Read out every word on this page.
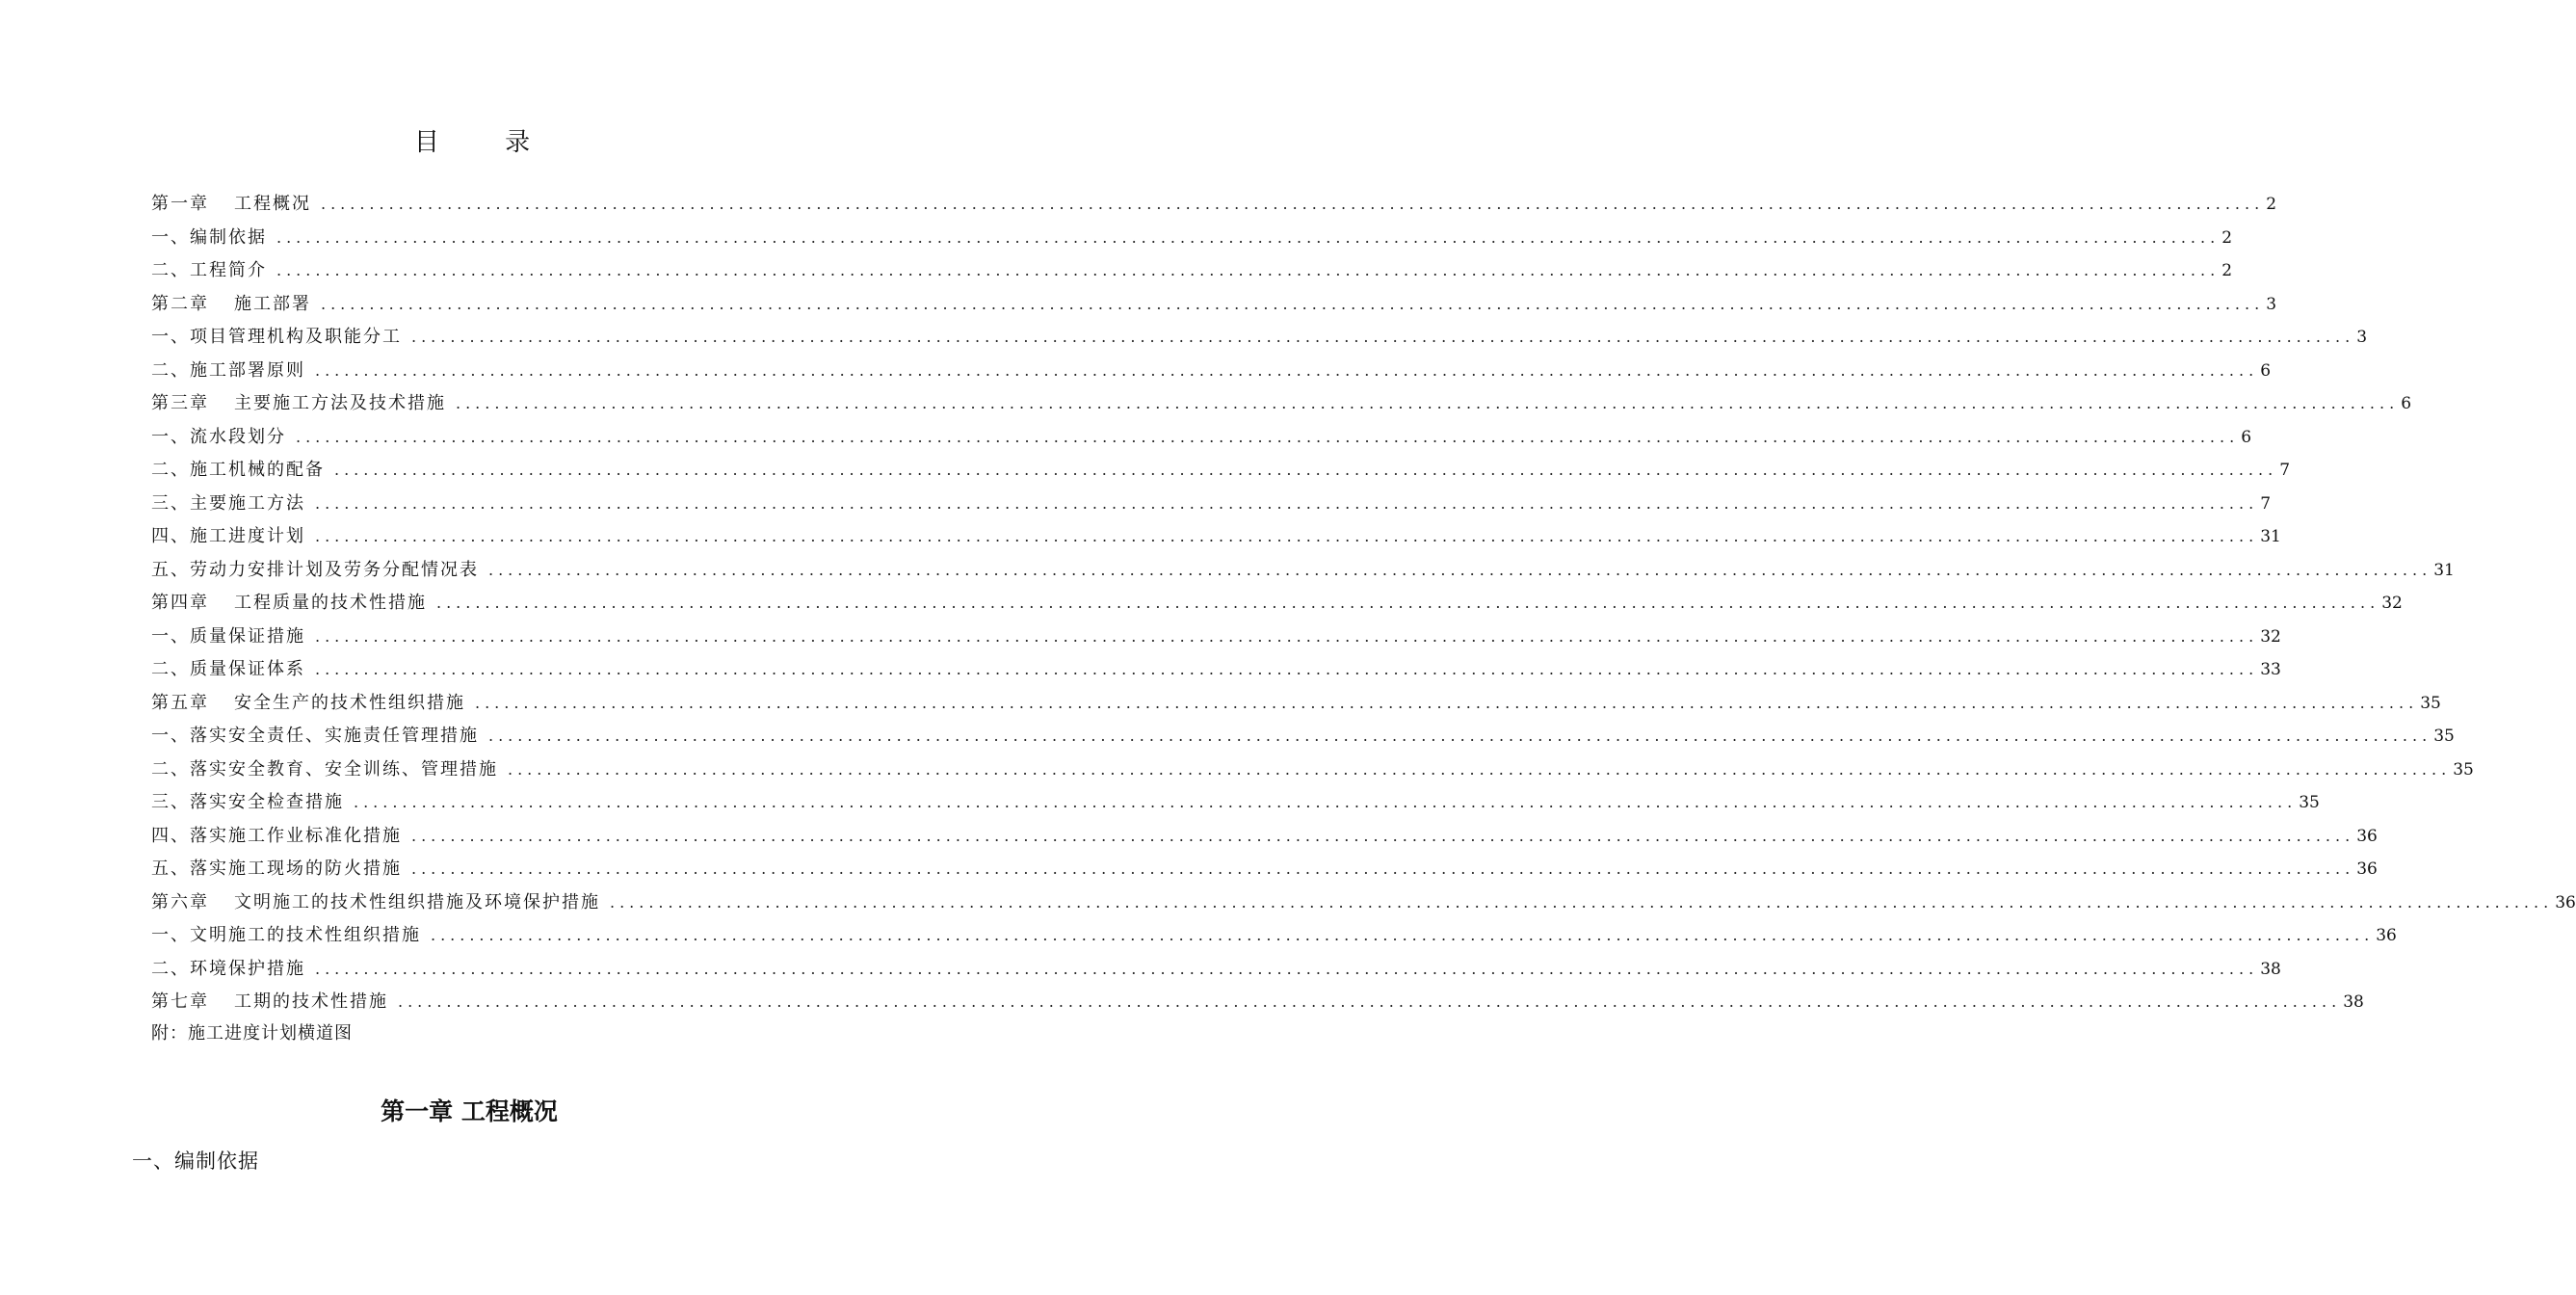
目 录
第一章 工程概况 ........................................................................................................................................................................................................ 2
一、编制依据 ........................................................................................................................................................................................................ 2
二、工程简介 ........................................................................................................................................................................................................ 2
第二章 施工部署 ........................................................................................................................................................................................................ 3
一、项目管理机构及职能分工 ........................................................................................................................................................................................................ 3
二、施工部署原则 ........................................................................................................................................................................................................ 6
第三章 主要施工方法及技术措施 ........................................................................................................................................................................................................ 6
一、流水段划分 ........................................................................................................................................................................................................ 6
二、施工机械的配备 ........................................................................................................................................................................................................ 7
三、主要施工方法 ........................................................................................................................................................................................................ 7
四、施工进度计划 ........................................................................................................................................................................................................ 31
五、劳动力安排计划及劳务分配情况表 ........................................................................................................................................................................................................ 31
第四章 工程质量的技术性措施 ........................................................................................................................................................................................................ 32
一、质量保证措施 ........................................................................................................................................................................................................ 32
二、质量保证体系 ........................................................................................................................................................................................................ 33
第五章 安全生产的技术性组织措施 ........................................................................................................................................................................................................ 35
一、落实安全责任、实施责任管理措施 ........................................................................................................................................................................................................ 35
二、落实安全教育、安全训练、管理措施 ........................................................................................................................................................................................................ 35
三、落实安全检查措施 ........................................................................................................................................................................................................ 35
四、落实施工作业标准化措施 ........................................................................................................................................................................................................ 36
五、落实施工现场的防火措施 ........................................................................................................................................................................................................ 36
第六章 文明施工的技术性组织措施及环境保护措施 ........................................................................................................................................................................................................ 36
一、文明施工的技术性组织措施 ........................................................................................................................................................................................................ 36
二、环境保护措施 ........................................................................................................................................................................................................ 38
第七章 工期的技术性措施 ........................................................................................................................................................................................................ 38
附：施工进度计划横道图
第一章 工程概况
一、编制依据
